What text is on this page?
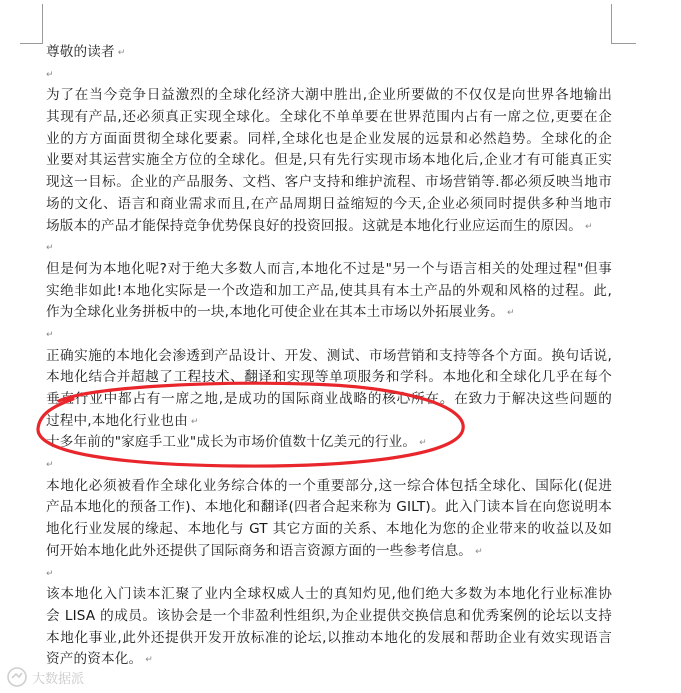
尊敬的读者 ↵
↵
为了在当今竞争日益激烈的全球化经济大潮中胜出,企业所要做的不仅仅是向世界各地输出
其现有产品,还必须真正实现全球化。全球化不单单要在世界范围内占有一席之位,更要在企
业的方方面面贯彻全球化要素。同样,全球化也是企业发展的远景和必然趋势。全球化的企
业要对其运营实施全方位的全球化。但是,只有先行实现市场本地化后,企业才有可能真正实
现这一目标。企业的产品服务、文档、客户支持和维护流程、市场营销等.都必须反映当地市
场的文化、语言和商业需求而且,在产品周期日益缩短的今天,企业必须同时提供多种当地市
场版本的产品才能保持竞争优势保良好的投资回报。这就是本地化行业应运而生的原因。 ↵
↵
但是何为本地化呢?对于绝大多数人而言,本地化不过是"另一个与语言相关的处理过程"但事
实绝非如此!本地化实际是一个改造和加工产品,使其具有本土产品的外观和风格的过程。此,
作为全球化业务拼板中的一块,本地化可使企业在其本土市场以外拓展业务。 ↵
↵
正确实施的本地化会渗透到产品设计、开发、测试、市场营销和支持等各个方面。换句话说,
本地化结合并超越了工程技术、翻译和实现等单项服务和学科。本地化和全球化几乎在每个
垂直行业中都占有一席之地,是成功的国际商业战略的核心所在。在致力于解决这些问题的
过程中,本地化行业也由 ↵
十多年前的"家庭手工业"成长为市场价值数十亿美元的行业。 ↵
↵
本地化必须被看作全球化业务综合体的一个重要部分,这一综合体包括全球化、国际化(促进
产品本地化的预备工作)、本地化和翻译(四者合起来称为 GILT)。此入门读本旨在向您说明本
地化行业发展的缘起、本地化与 GT 其它方面的关系、本地化为您的企业带来的收益以及如
何开始本地化此外还提供了国际商务和语言资源方面的一些参考信息。 ↵
↵
该本地化入门读本汇聚了业内全球权威人士的真知灼见,他们绝大多数为本地化行业标准协
会 LISA 的成员。该协会是一个非盈利性组织,为企业提供交换信息和优秀案例的论坛以支持
本地化事业,此外还提供开发开放标准的论坛,以推动本地化的发展和帮助企业有效实现语言
资产的资本化。 ↵
大数据派
